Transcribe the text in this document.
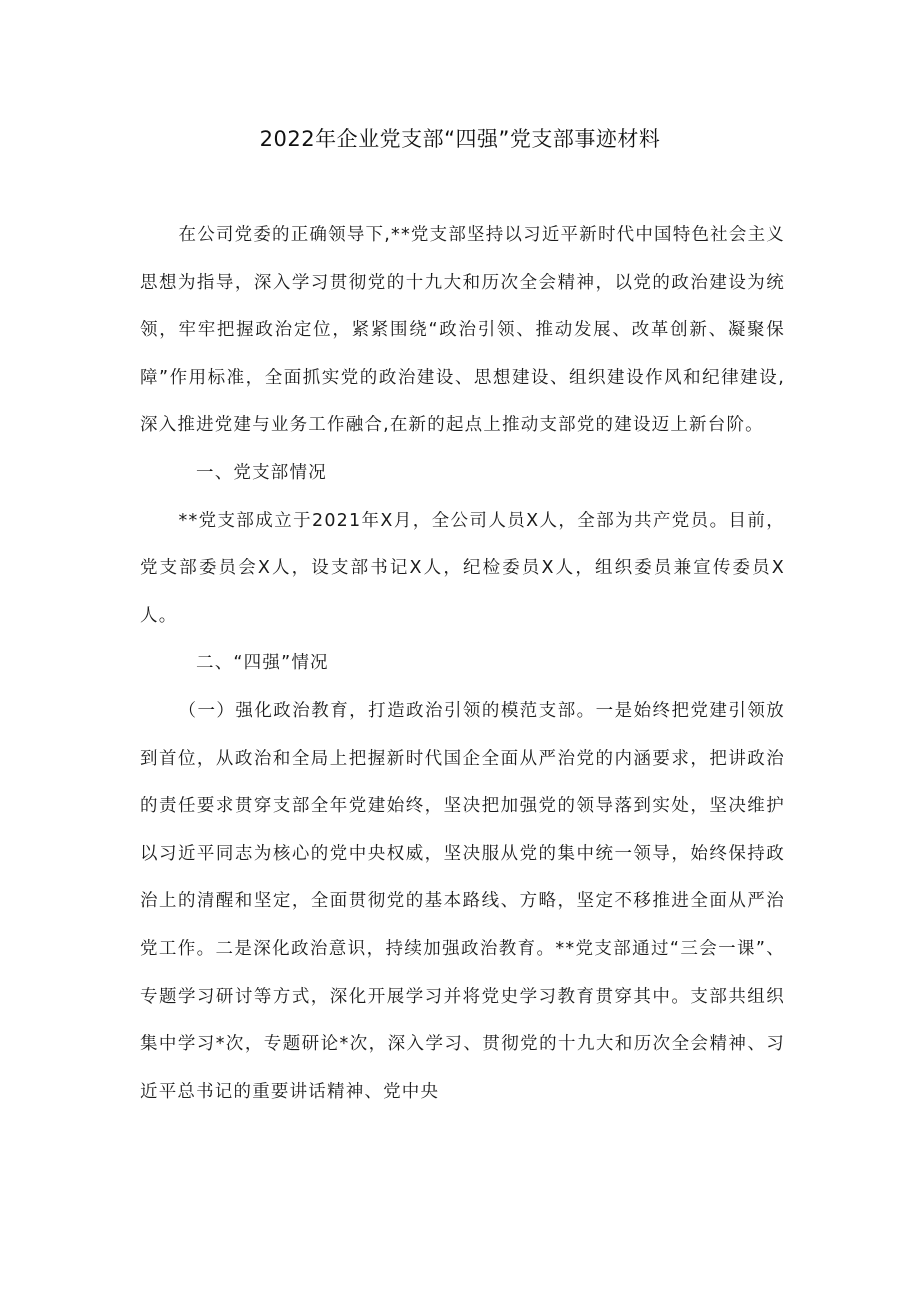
2022年企业党支部“四强”党支部事迹材料

在公司党委的正确领导下,**党支部坚持以习近平新时代中国特色社会主义思想为指导，深入学习贯彻党的十九大和历次全会精神，以党的政治建设为统领，牢牢把握政治定位，紧紧围绕“政治引领、推动发展、改革创新、凝聚保障”作用标准，全面抓实党的政治建设、思想建设、组织建设作风和纪律建设,深入推进党建与业务工作融合,在新的起点上推动支部党的建设迈上新台阶。

一、党支部情况

**党支部成立于2021年X月，全公司人员X人，全部为共产党员。目前，党支部委员会X人，设支部书记X人，纪检委员X人，组织委员兼宣传委员X人。

二、“四强”情况

（一）强化政治教育，打造政治引领的模范支部。一是始终把党建引领放到首位，从政治和全局上把握新时代国企全面从严治党的内涵要求，把讲政治的责任要求贯穿支部全年党建始终，坚决把加强党的领导落到实处，坚决维护以习近平同志为核心的党中央权威，坚决服从党的集中统一领导，始终保持政治上的清醒和坚定，全面贯彻党的基本路线、方略，坚定不移推进全面从严治党工作。二是深化政治意识，持续加强政治教育。**党支部通过“三会一课”、专题学习研讨等方式，深化开展学习并将党史学习教育贯穿其中。支部共组织集中学习*次，专题研论*次，深入学习、贯彻党的十九大和历次全会精神、习近平总书记的重要讲话精神、党中央
